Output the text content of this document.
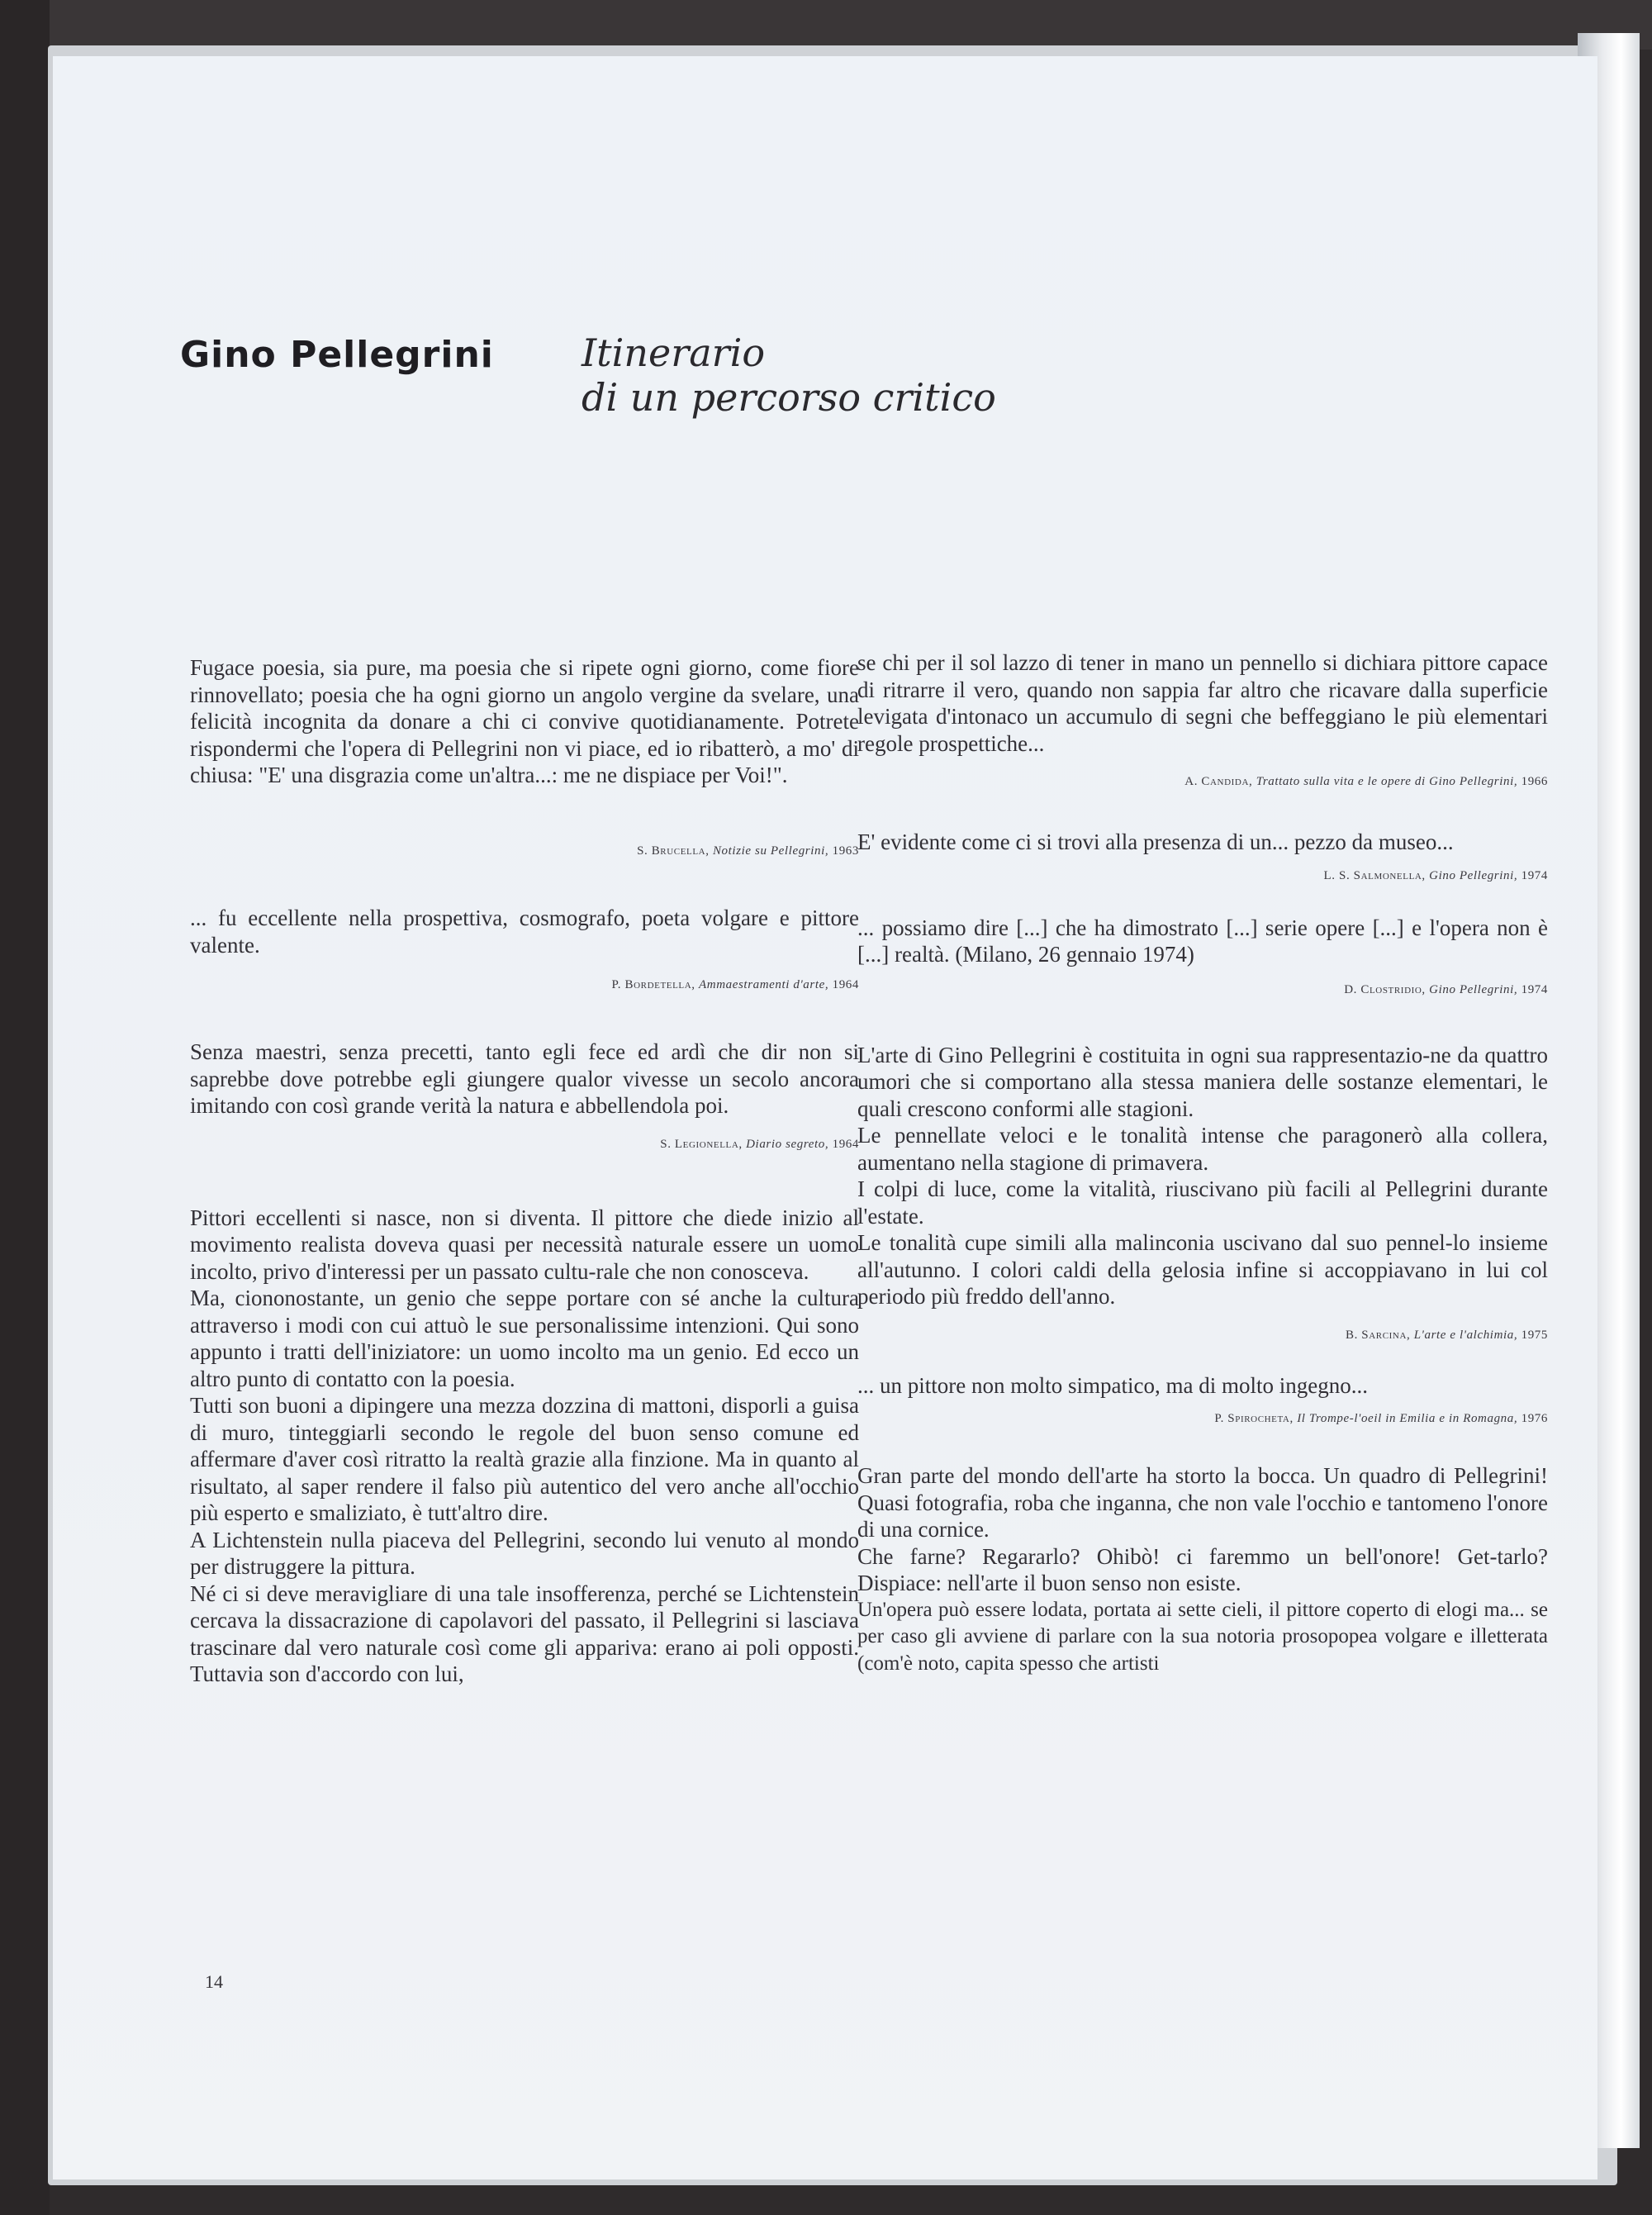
Gino Pellegrini Itinerario
di un percorso critico

Fugace poesia, sia pure, ma poesia che si ripete ogni giorno, come fiore rinnovellato; poesia che ha ogni giorno un angolo vergine da svelare, una felicità incognita da donare a chi ci convive quotidianamente. Potrete rispondermi che l'opera di Pellegrini non vi piace, ed io ribatterò, a mo' di chiusa: "E' una disgrazia come un'altra...: me ne dispiace per Voi!".

S. Brucella, Notizie su Pellegrini, 1963

... fu eccellente nella prospettiva, cosmografo, poeta volgare e pittore valente.

P. Bordetella, Ammaestramenti d'arte, 1964

Senza maestri, senza precetti, tanto egli fece ed ardì che dir non si saprebbe dove potrebbe egli giungere qualor vivesse un secolo ancora imitando con così grande verità la natura e abbellendola poi.

S. Legionella, Diario segreto, 1964

Pittori eccellenti si nasce, non si diventa. Il pittore che diede inizio al movimento realista doveva quasi per necessità naturale essere un uomo incolto, privo d'interessi per un passato cultu-rale che non conosceva.

Ma, ciononostante, un genio che seppe portare con sé anche la cultura attraverso i modi con cui attuò le sue personalissime intenzioni. Qui sono appunto i tratti dell'iniziatore: un uomo incolto ma un genio. Ed ecco un altro punto di contatto con la poesia.

Tutti son buoni a dipingere una mezza dozzina di mattoni, disporli a guisa di muro, tinteggiarli secondo le regole del buon senso comune ed affermare d'aver così ritratto la realtà grazie alla finzione. Ma in quanto al risultato, al saper rendere il falso più autentico del vero anche all'occhio più esperto e smaliziato, è tutt'altro dire.

A Lichtenstein nulla piaceva del Pellegrini, secondo lui venuto al mondo per distruggere la pittura.

Né ci si deve meravigliare di una tale insofferenza, perché se Lichtenstein cercava la dissacrazione di capolavori del passato, il Pellegrini si lasciava trascinare dal vero naturale così come gli appariva: erano ai poli opposti. Tuttavia son d'accordo con lui,

se chi per il sol lazzo di tener in mano un pennello si dichiara pittore capace di ritrarre il vero, quando non sappia far altro che ricavare dalla superficie levigata d'intonaco un accumulo di segni che beffeggiano le più elementari regole prospettiche...

A. Candida, Trattato sulla vita e le opere di Gino Pellegrini, 1966

E' evidente come ci si trovi alla presenza di un... pezzo da museo...

L. S. Salmonella, Gino Pellegrini, 1974

... possiamo dire [...] che ha dimostrato [...] serie opere [...] e l'opera non è [...] realtà. (Milano, 26 gennaio 1974)

D. Clostridio, Gino Pellegrini, 1974

L'arte di Gino Pellegrini è costituita in ogni sua rappresentazio-ne da quattro umori che si comportano alla stessa maniera delle sostanze elementari, le quali crescono conformi alle stagioni.

Le pennellate veloci e le tonalità intense che paragonerò alla collera, aumentano nella stagione di primavera.

I colpi di luce, come la vitalità, riuscivano più facili al Pellegrini durante l'estate.

Le tonalità cupe simili alla malinconia uscivano dal suo pennel-lo insieme all'autunno. I colori caldi della gelosia infine si accoppiavano in lui col periodo più freddo dell'anno.

B. Sarcina, L'arte e l'alchimia, 1975

... un pittore non molto simpatico, ma di molto ingegno...

P. Spirocheta, Il Trompe-l'oeil in Emilia e in Romagna, 1976

Gran parte del mondo dell'arte ha storto la bocca. Un quadro di Pellegrini! Quasi fotografia, roba che inganna, che non vale l'occhio e tantomeno l'onore di una cornice.

Che farne? Regararlo? Ohibò! ci faremmo un bell'onore! Get-tarlo? Dispiace: nell'arte il buon senso non esiste.

Un'opera può essere lodata, portata ai sette cieli, il pittore coperto di elogi ma... se per caso gli avviene di parlare con la sua notoria prosopopea volgare e illetterata (com'è noto, capita spesso che artisti

14
